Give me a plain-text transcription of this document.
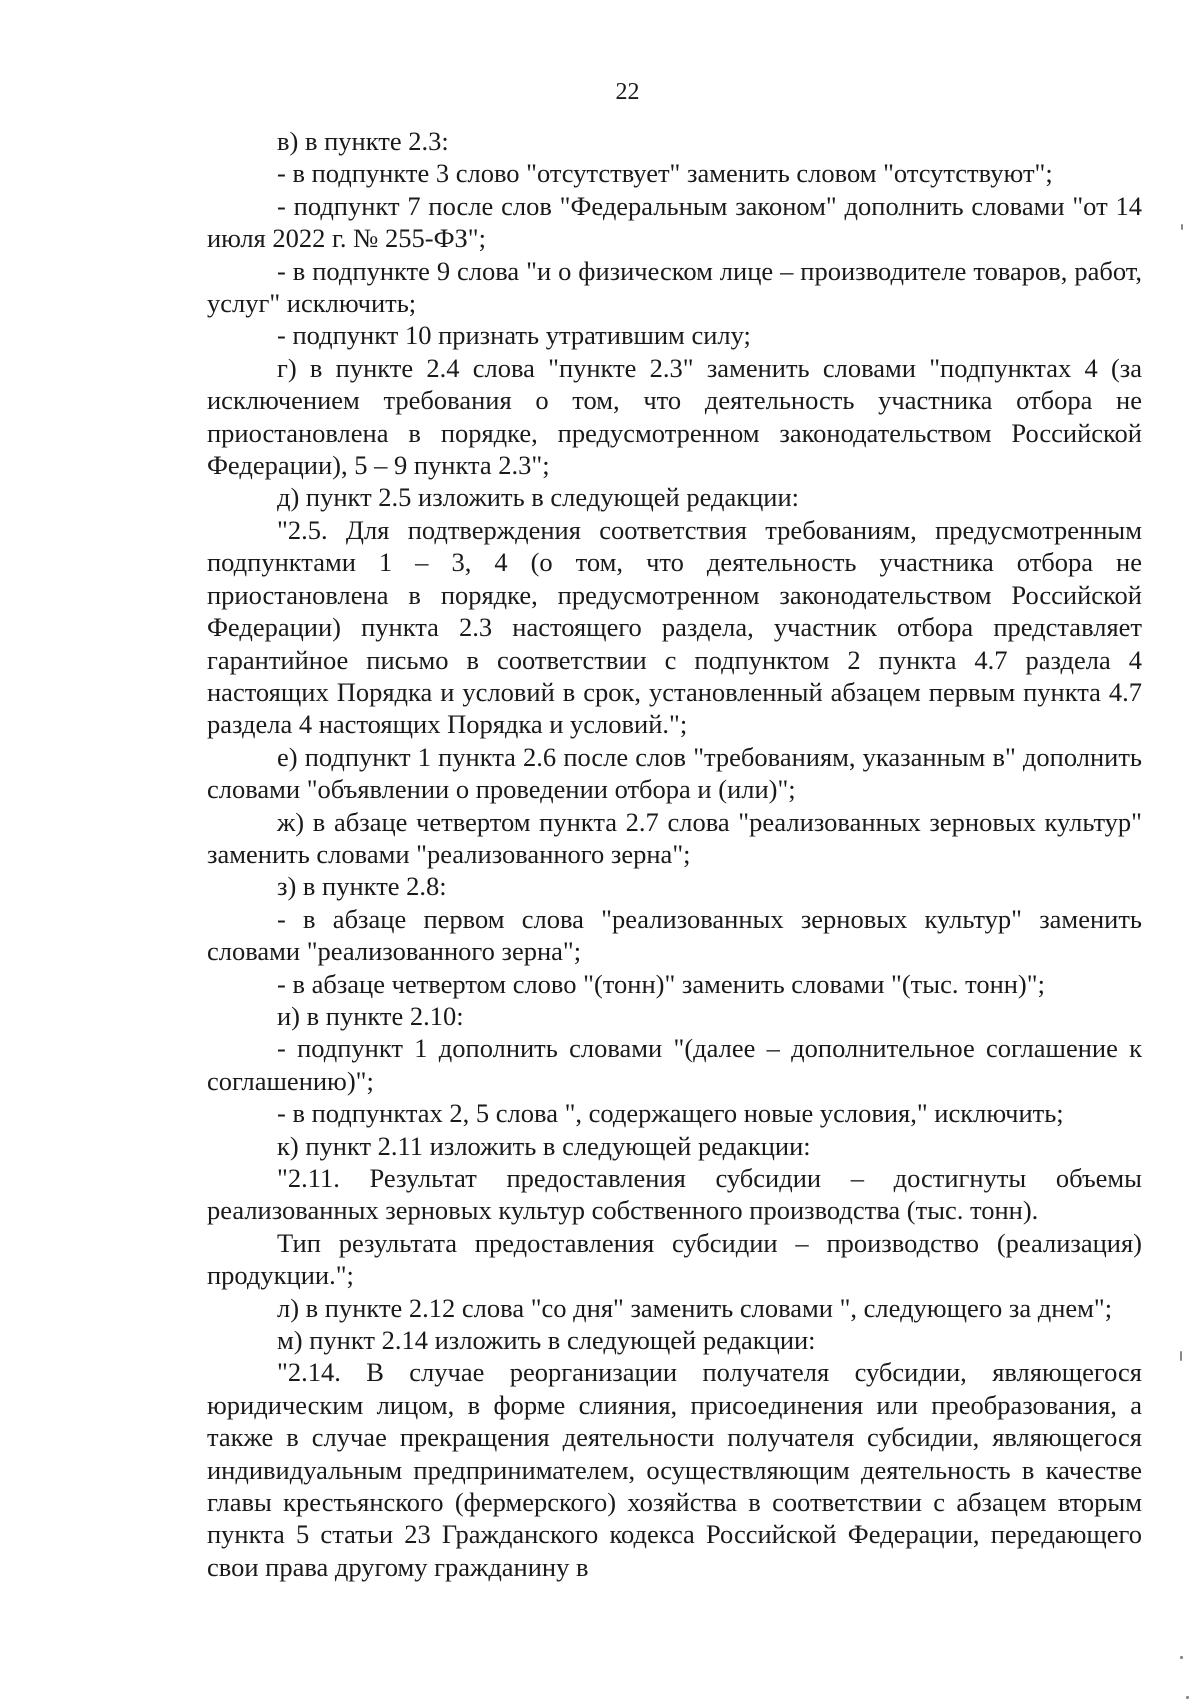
22

в) в пункте 2.3:

- в подпункте 3 слово "отсутствует" заменить словом "отсутствуют";

- подпункт 7 после слов "Федеральным законом" дополнить словами "от 14 июля 2022 г. № 255-ФЗ";

- в подпункте 9 слова "и о физическом лице – производителе товаров, работ, услуг" исключить;

- подпункт 10 признать утратившим силу;

г) в пункте 2.4 слова "пункте 2.3" заменить словами "подпунктах 4 (за исключением требования о том, что деятельность участника отбора не приостановлена в порядке, предусмотренном законодательством Российской Федерации), 5 – 9 пункта 2.3";

д) пункт 2.5 изложить в следующей редакции:

"2.5. Для подтверждения соответствия требованиям, предусмотренным подпунктами 1 – 3, 4 (о том, что деятельность участника отбора не приостановлена в порядке, предусмотренном законодательством Российской Федерации) пункта 2.3 настоящего раздела, участник отбора представляет гарантийное письмо в соответствии с подпунктом 2 пункта 4.7 раздела 4 настоящих Порядка и условий в срок, установленный абзацем первым пункта 4.7 раздела 4 настоящих Порядка и условий.";

е) подпункт 1 пункта 2.6 после слов "требованиям, указанным в" дополнить словами "объявлении о проведении отбора и (или)";

ж) в абзаце четвертом пункта 2.7 слова "реализованных зерновых культур" заменить словами "реализованного зерна";

з) в пункте 2.8:

- в абзаце первом слова "реализованных зерновых культур" заменить словами "реализованного зерна";

- в абзаце четвертом слово "(тонн)" заменить словами "(тыс. тонн)";

и) в пункте 2.10:

- подпункт 1 дополнить словами "(далее – дополнительное соглашение к соглашению)";

- в подпунктах 2, 5 слова ", содержащего новые условия," исключить;

к) пункт 2.11 изложить в следующей редакции:

"2.11. Результат предоставления субсидии – достигнуты объемы реализованных зерновых культур собственного производства (тыс. тонн).

Тип результата предоставления субсидии – производство (реализация) продукции.";

л) в пункте 2.12 слова "со дня" заменить словами ", следующего за днем";

м) пункт 2.14 изложить в следующей редакции:

"2.14. В случае реорганизации получателя субсидии, являющегося юридическим лицом, в форме слияния, присоединения или преобразования, а также в случае прекращения деятельности получателя субсидии, являющегося индивидуальным предпринимателем, осуществляющим деятельность в качестве главы крестьянского (фермерского) хозяйства в соответствии с абзацем вторым пункта 5 статьи 23 Гражданского кодекса Российской Федерации, передающего свои права другому гражданину в
